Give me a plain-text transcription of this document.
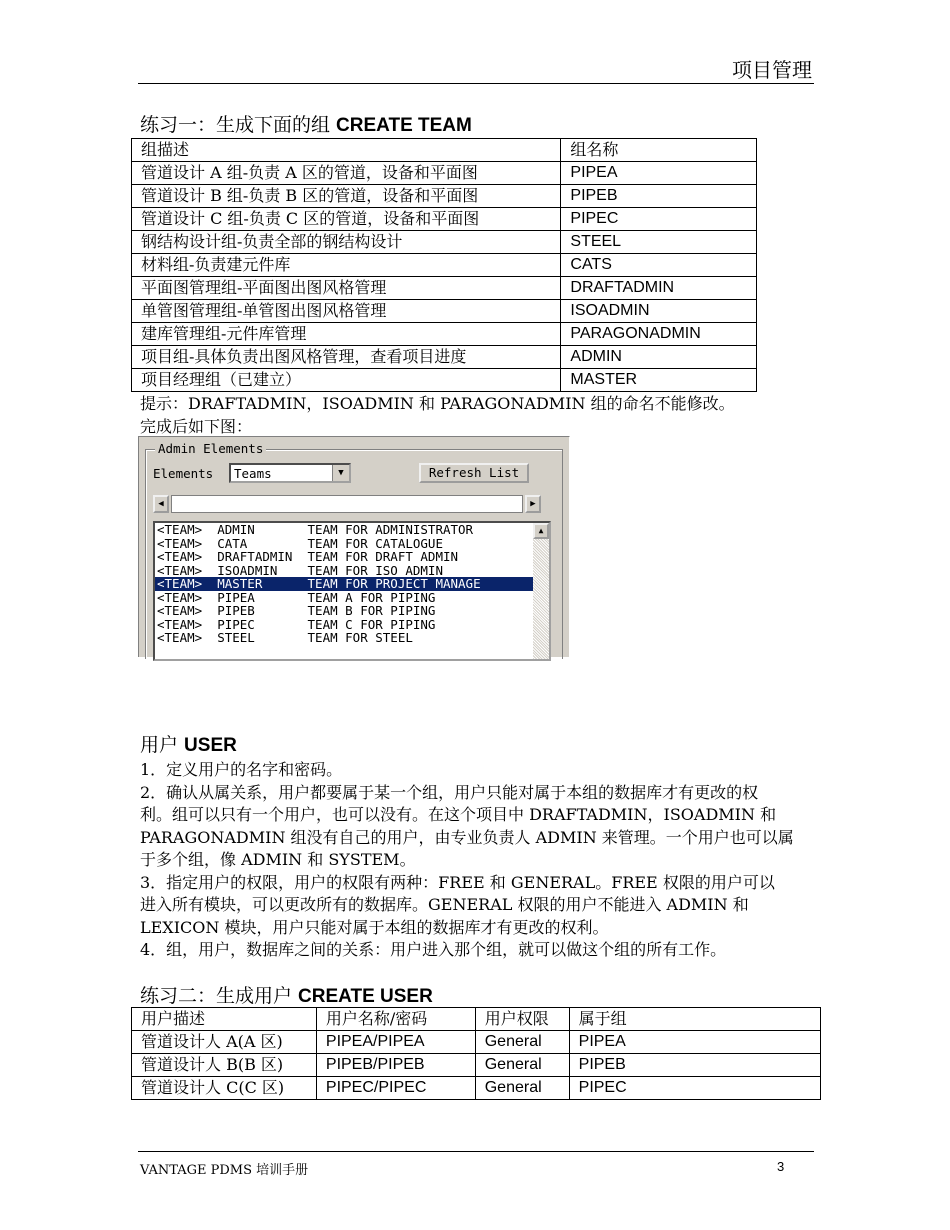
项目管理
练习一：生成下面的组 CREATE TEAM
组描述	组名称
管道设计 A 组-负责 A 区的管道，设备和平面图	PIPEA
管道设计 B 组-负责 B 区的管道，设备和平面图	PIPEB
管道设计 C 组-负责 C 区的管道，设备和平面图	PIPEC
钢结构设计组-负责全部的钢结构设计	STEEL
材料组-负责建元件库	CATS
平面图管理组-平面图出图风格管理	DRAFTADMIN
单管图管理组-单管图出图风格管理	ISOADMIN
建库管理组-元件库管理	PARAGONADMIN
项目组-具体负责出图风格管理，查看项目进度	ADMIN
项目经理组（已建立）	MASTER
提示：DRAFTADMIN，ISOADMIN 和 PARAGONADMIN 组的命名不能修改。
完成后如下图：
Admin Elements
Elements Teams	▼	Refresh List
◀	▶
<TEAM>  ADMIN       TEAM FOR ADMINISTRATOR
<TEAM>  CATA        TEAM FOR CATALOGUE
<TEAM>  DRAFTADMIN  TEAM FOR DRAFT ADMIN
<TEAM>  ISOADMIN    TEAM FOR ISO ADMIN
<TEAM>  MASTER      TEAM FOR PROJECT MANAGE
<TEAM>  PIPEA       TEAM A FOR PIPING
<TEAM>  PIPEB       TEAM B FOR PIPING
<TEAM>  PIPEC       TEAM C FOR PIPING
<TEAM>  STEEL       TEAM FOR STEEL
▲
用户 USER

1．定义用户的名字和密码。

2．确认从属关系，用户都要属于某一个组，用户只能对属于本组的数据库才有更改的权

利。组可以只有一个用户，也可以没有。在这个项目中 DRAFTADMIN，ISOADMIN 和

PARAGONADMIN 组没有自己的用户，由专业负责人 ADMIN 来管理。一个用户也可以属

于多个组，像 ADMIN 和 SYSTEM。

3．指定用户的权限，用户的权限有两种：FREE 和 GENERAL。FREE 权限的用户可以

进入所有模块，可以更改所有的数据库。GENERAL 权限的用户不能进入 ADMIN 和

LEXICON 模块，用户只能对属于本组的数据库才有更改的权利。

4．组，用户，数据库之间的关系：用户进入那个组，就可以做这个组的所有工作。

练习二：生成用户 CREATE USER
用户描述	用户名称/密码	用户权限	属于组
管道设计人 A(A 区)	PIPEA/PIPEA	General	PIPEA
管道设计人 B(B 区)	PIPEB/PIPEB	General	PIPEB
管道设计人 C(C 区)	PIPEC/PIPEC	General	PIPEC
VANTAGE PDMS 培训手册	3
